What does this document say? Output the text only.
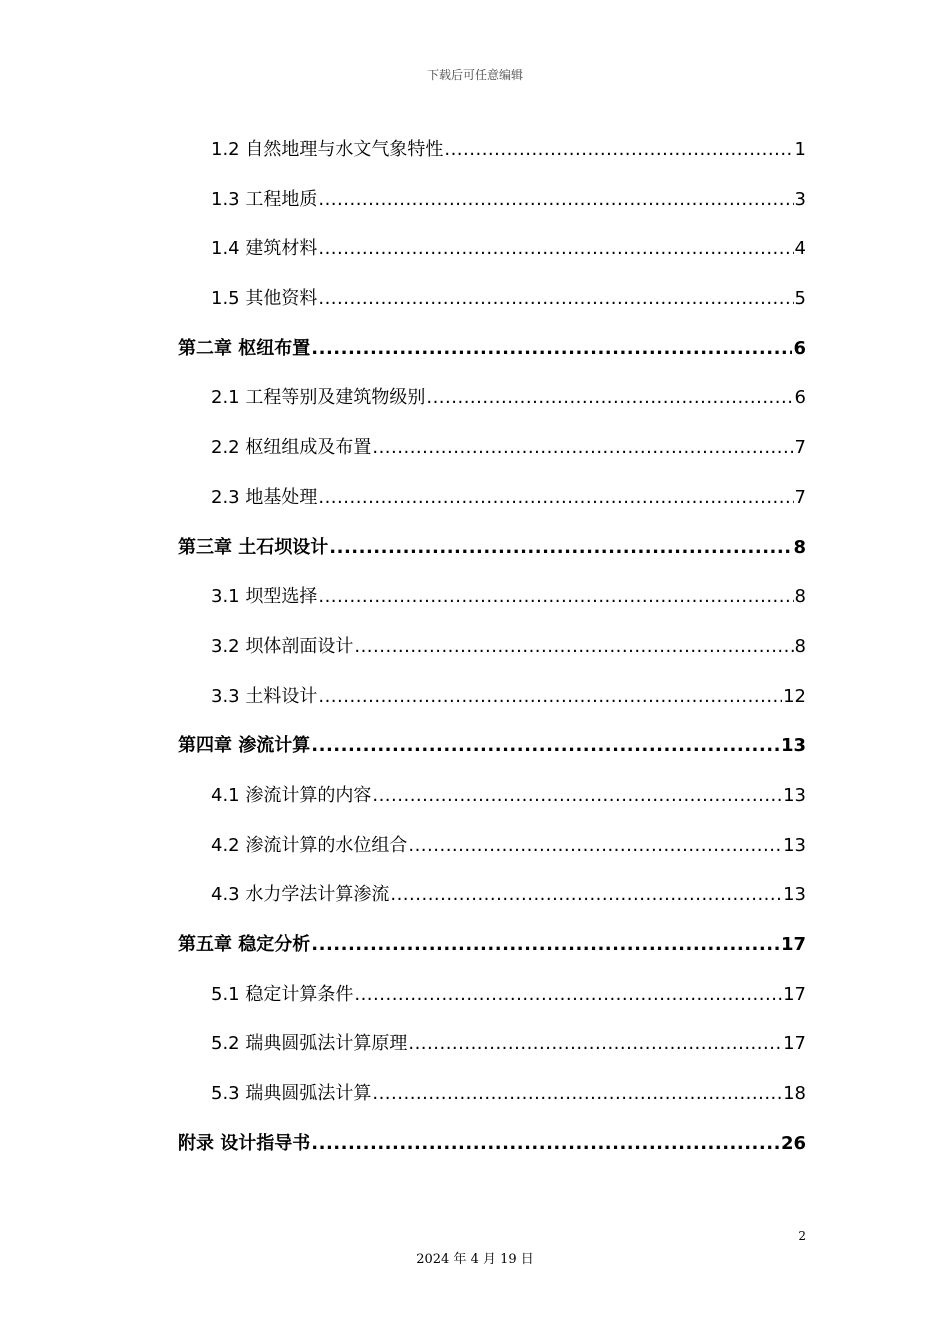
下载后可任意编辑
1.2 自然地理与水文气象特性 .....	1
1.3 工程地质 .....	3
1.4 建筑材料 .....	4
1.5 其他资料 .....	5
第二章 枢纽布置 .....	6
2.1 工程等别及建筑物级别 .....	6
2.2 枢纽组成及布置 .....	7
2.3 地基处理 .....	7
第三章 土石坝设计 .....	8
3.1 坝型选择 .....	8
3.2 坝体剖面设计 .....	8
3.3 土料设计 .....	12
第四章 渗流计算 .....	13
4.1 渗流计算的内容 .....	13
4.2 渗流计算的水位组合 .....	13
4.3 水力学法计算渗流 .....	13
第五章 稳定分析 .....	17
5.1 稳定计算条件 .....	17
5.2 瑞典圆弧法计算原理 .....	17
5.3 瑞典圆弧法计算 .....	18
附录 设计指导书 .....	26
2
2024 年 4 月 19 日
